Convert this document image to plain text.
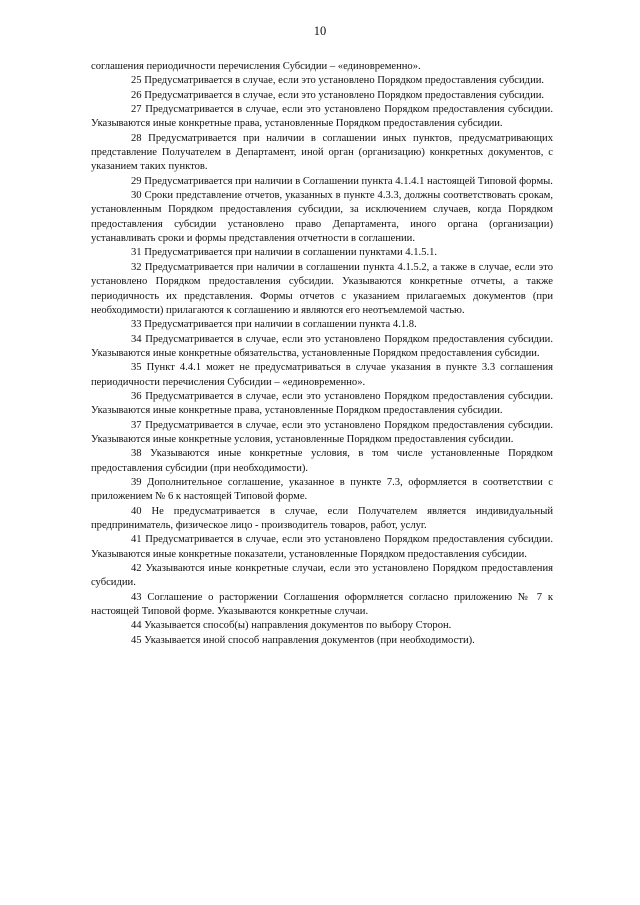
10

соглашения периодичности перечисления Субсидии – «единовременно».

25 Предусматривается в случае, если это установлено Порядком предоставления субсидии.

26 Предусматривается в случае, если это установлено Порядком предоставления субсидии.

27 Предусматривается в случае, если это установлено Порядком предоставления субсидии. Указываются иные конкретные права, установленные Порядком предоставления субсидии.

28 Предусматривается при наличии в соглашении иных пунктов, предусматривающих представление Получателем в Департамент, иной орган (организацию) конкретных документов, с указанием таких пунктов.

29 Предусматривается при наличии в Соглашении пункта 4.1.4.1 настоящей Типовой формы.

30 Сроки представление отчетов, указанных в пункте 4.3.3, должны соответствовать срокам, установленным Порядком предоставления субсидии, за исключением случаев, когда Порядком предоставления субсидии установлено право Департамента, иного органа (организации) устанавливать сроки и формы представления отчетности в соглашении.

31 Предусматривается при наличии в соглашении пунктами 4.1.5.1.

32 Предусматривается при наличии в соглашении пункта 4.1.5.2, а также в случае, если это установлено Порядком предоставления субсидии. Указываются конкретные отчеты, а также периодичность их представления. Формы отчетов с указанием прилагаемых документов (при необходимости) прилагаются к соглашению и являются его неотъемлемой частью.

33 Предусматривается при наличии в соглашении пункта 4.1.8.

34 Предусматривается в случае, если это установлено Порядком предоставления субсидии. Указываются иные конкретные обязательства, установленные Порядком предоставления субсидии.

35 Пункт 4.4.1 может не предусматриваться в случае указания в пункте 3.3 соглашения периодичности перечисления Субсидии – «единовременно».

36 Предусматривается в случае, если это установлено Порядком предоставления субсидии. Указываются иные конкретные права, установленные Порядком предоставления субсидии.

37 Предусматривается в случае, если это установлено Порядком предоставления субсидии. Указываются иные конкретные условия, установленные Порядком предоставления субсидии.

38 Указываются иные конкретные условия, в том числе установленные Порядком предоставления субсидии (при необходимости).

39 Дополнительное соглашение, указанное в пункте 7.3, оформляется в соответствии с приложением № 6 к настоящей Типовой форме.

40 Не предусматривается в случае, если Получателем является индивидуальный предприниматель, физическое лицо - производитель товаров, работ, услуг.

41 Предусматривается в случае, если это установлено Порядком предоставления субсидии. Указываются иные конкретные показатели, установленные Порядком предоставления субсидии.

42 Указываются иные конкретные случаи, если это установлено Порядком предоставления субсидии.

43 Соглашение о расторжении Соглашения оформляется согласно приложению № 7 к настоящей Типовой форме. Указываются конкретные случаи.

44 Указывается способ(ы) направления документов по выбору Сторон.

45 Указывается иной способ направления документов (при необходимости).
